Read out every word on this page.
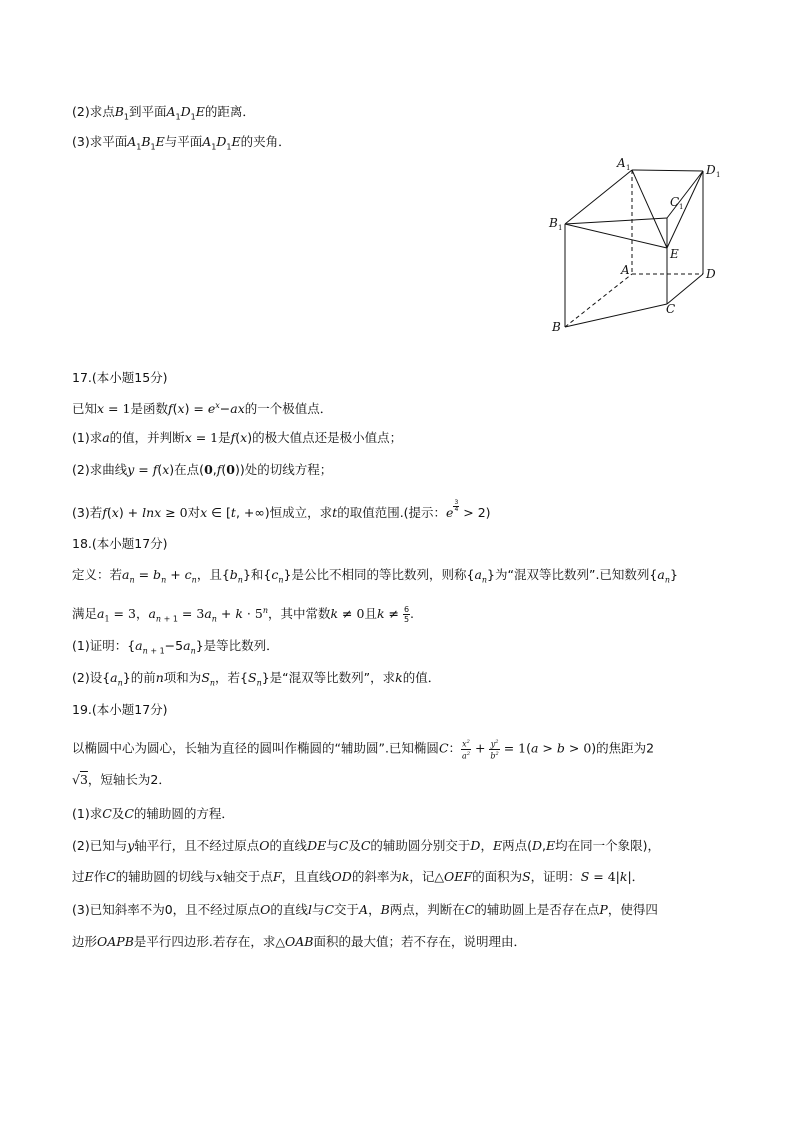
(2)求点$B_1$到平面$A_1D_1E$的距离．
(3)求平面$A_1B_1E$与平面$A_1D_1E$的夹角．
A 1	D 1
B 1
C 1
E
A	D
B
C
17.(本小题15分)
已知x = 1是函数$f(x) = e^x-ax$的一个极值点．
(1)求a的值，并判断x = 1是f(x)的极大值点还是极小值点；
(2)求曲线y = f(x)在点(0,f(0))处的切线方程；
(3)若f(x) + lnx ≥ 0对x ∈ [t, +∞)恒成立，求t的取值范围.(提示：e $^{\frac{3}{4}}$ > 2)
18.(本小题17分)
定义：若$a_n = b_n + c_n$，且$\{b_n\}$和$\{c_n\}$是公比不相同的等比数列，则称$\{a_n\}$为“混双等比数列”.已知数列$\{a_n\}$
满足$a_1 = 3$，$a_{n + 1} = 3a_n + k \cdot 5^n$，其中常数k ≠ 0且$k \ne \frac{6}{5}$ .
(1)证明：$\{a_{n + 1}-5a_n\}$是等比数列．
(2)设$\{a_n\}$的前n项和为$S_n$，若$\{S_n\}$是“混双等比数列”，求k的值．
19.(本小题17分)
以椭圆中心为圆心，长轴为直径的圆叫作椭圆的“辅助圆”.已知椭圆C： $\frac{x^2}{a^2} + \frac{y^2}{b^2} = 1(a > b > 0)$的焦距为2
√3，短轴长为2．
(1)求C及C的辅助圆的方程．
(2)已知与y轴平行，且不经过原点O的直线DE与C及C的辅助圆分别交于D，E两点(D,E均在同一个象限)，
过E作C的辅助圆的切线与x轴交于点F，且直线OD的斜率为k，记△OEF的面积为S，证明：S = 4|k|．
(3)已知斜率不为0，且不经过原点O的直线l与C交于A，B两点，判断在C的辅助圆上是否存在点P，使得四
边形OAPB是平行四边形.若存在，求△OAB面积的最大值；若不存在，说明理由．
